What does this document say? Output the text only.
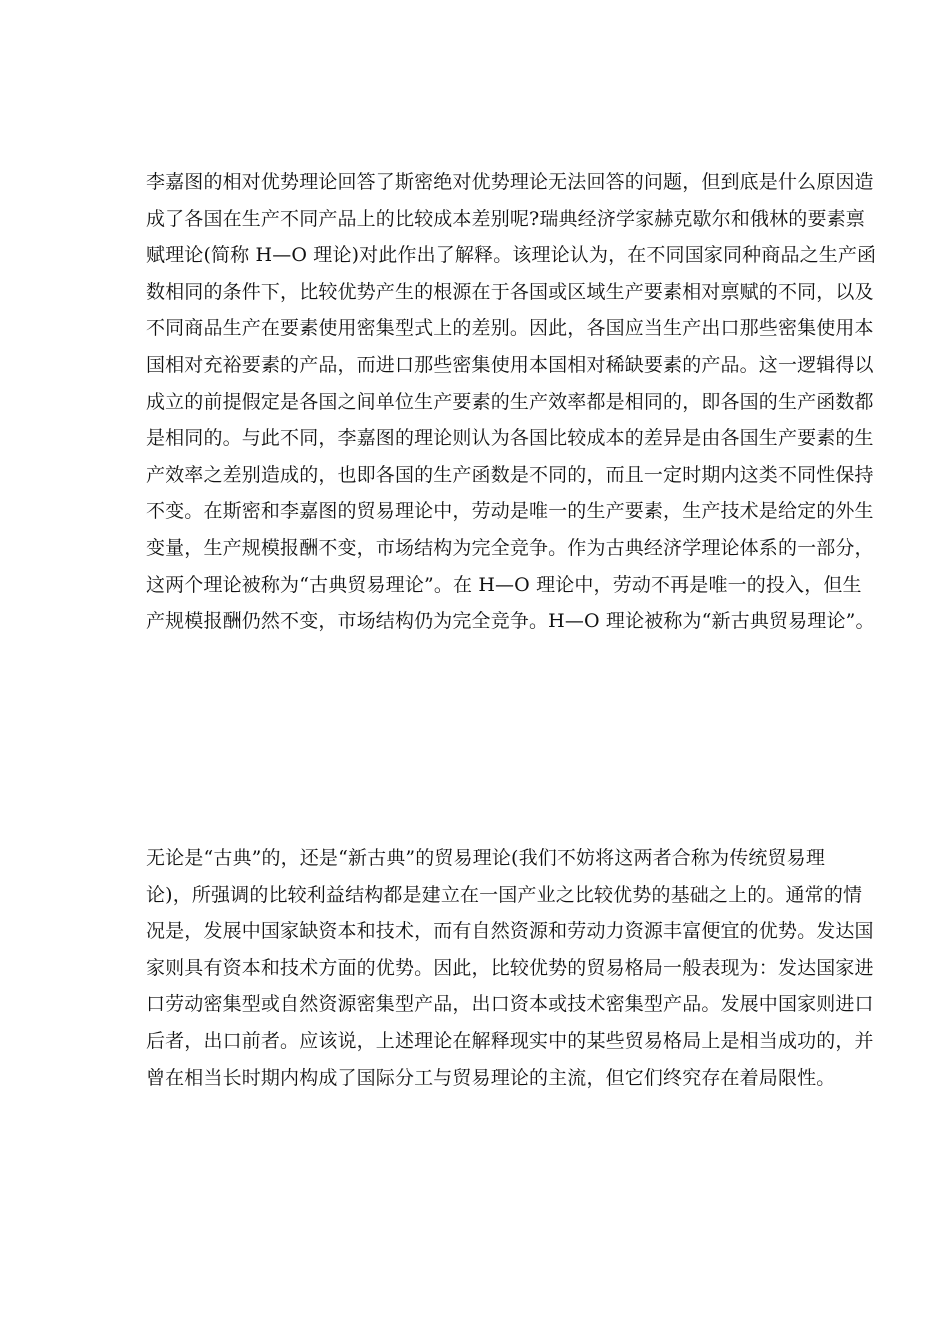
李嘉图的相对优势理论回答了斯密绝对优势理论无法回答的问题，但到底是什么原因造
成了各国在生产不同产品上的比较成本差别呢?瑞典经济学家赫克歇尔和俄林的要素禀
赋理论(简称 H—O 理论)对此作出了解释。该理论认为，在不同国家同种商品之生产函
数相同的条件下，比较优势产生的根源在于各国或区域生产要素相对禀赋的不同，以及
不同商品生产在要素使用密集型式上的差别。因此，各国应当生产出口那些密集使用本
国相对充裕要素的产品，而进口那些密集使用本国相对稀缺要素的产品。这一逻辑得以
成立的前提假定是各国之间单位生产要素的生产效率都是相同的，即各国的生产函数都
是相同的。与此不同，李嘉图的理论则认为各国比较成本的差异是由各国生产要素的生
产效率之差别造成的，也即各国的生产函数是不同的，而且一定时期内这类不同性保持
不变。在斯密和李嘉图的贸易理论中，劳动是唯一的生产要素，生产技术是给定的外生
变量，生产规模报酬不变，市场结构为完全竞争。作为古典经济学理论体系的一部分，
这两个理论被称为“古典贸易理论”。在 H—O 理论中，劳动不再是唯一的投入，但生
产规模报酬仍然不变，市场结构仍为完全竞争。H—O 理论被称为“新古典贸易理论”。
无论是“古典”的，还是“新古典”的贸易理论(我们不妨将这两者合称为传统贸易理
论)，所强调的比较利益结构都是建立在一国产业之比较优势的基础之上的。通常的情
况是，发展中国家缺资本和技术，而有自然资源和劳动力资源丰富便宜的优势。发达国
家则具有资本和技术方面的优势。因此，比较优势的贸易格局一般表现为：发达国家进
口劳动密集型或自然资源密集型产品，出口资本或技术密集型产品。发展中国家则进口
后者，出口前者。应该说，上述理论在解释现实中的某些贸易格局上是相当成功的，并
曾在相当长时期内构成了国际分工与贸易理论的主流，但它们终究存在着局限性。
